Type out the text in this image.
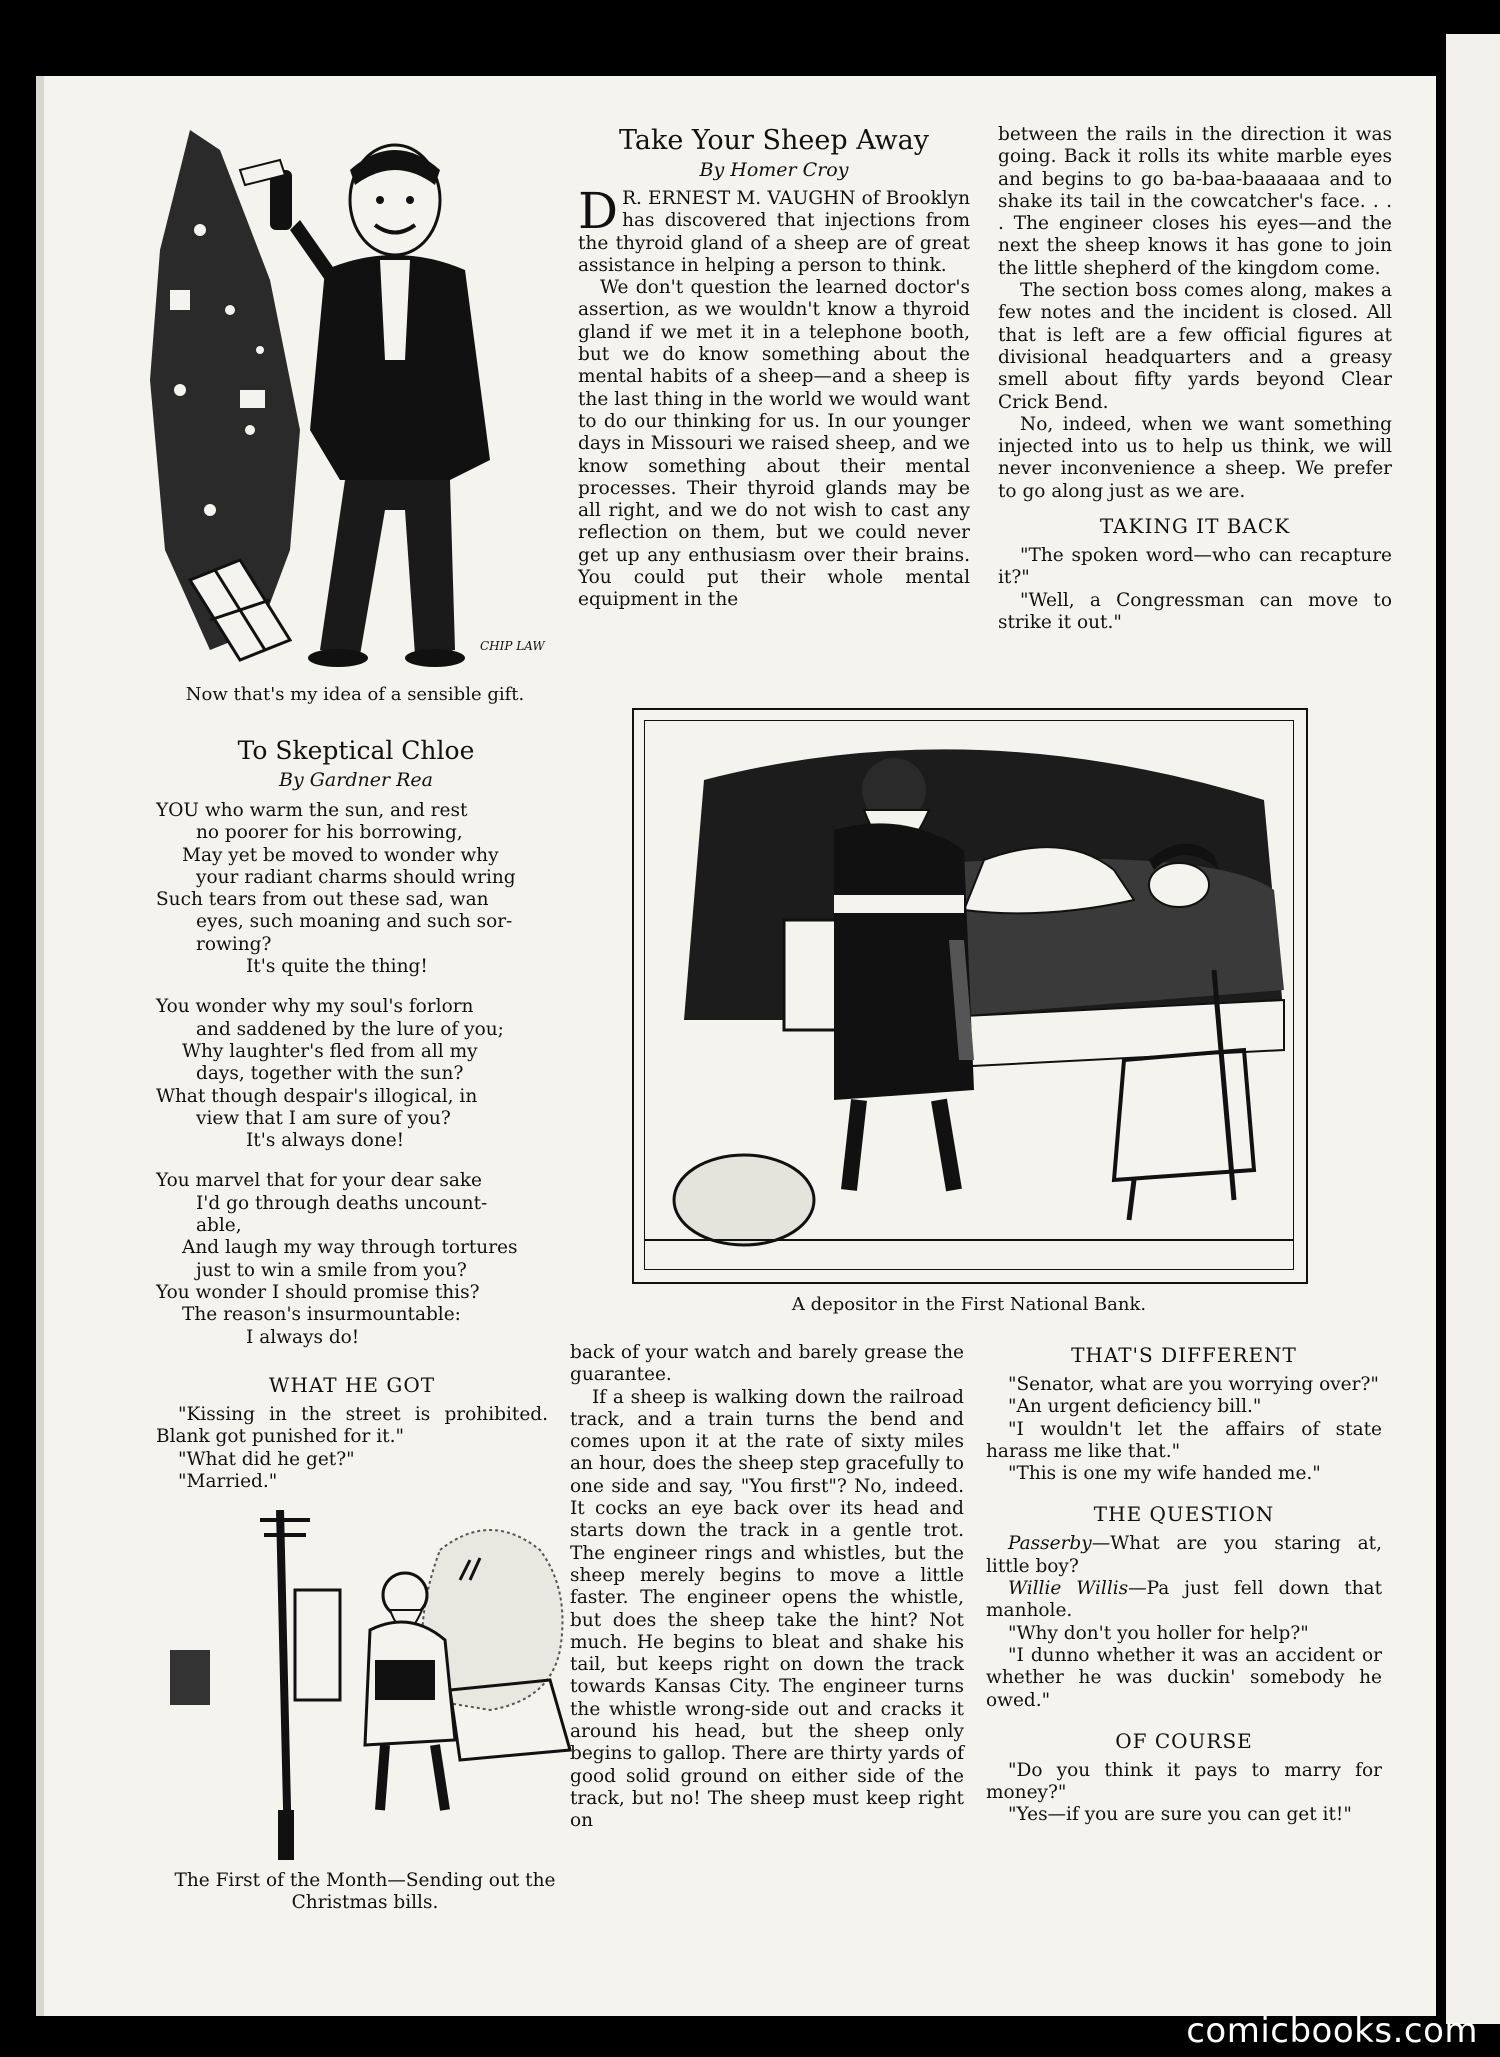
CHIP LAW
Now that's my idea of a sensible gift.
Take Your Sheep Away
By Homer Croy

D R. ERNEST M. VAUGHN of Brooklyn has discovered that injections from the thyroid gland of a sheep are of great assistance in helping a person to think.

We don't question the learned doctor's assertion, as we wouldn't know a thyroid gland if we met it in a telephone booth, but we do know something about the mental habits of a sheep—and a sheep is the last thing in the world we would want to do our thinking for us. In our younger days in Missouri we raised sheep, and we know something about their mental processes. Their thyroid glands may be all right, and we do not wish to cast any reflection on them, but we could never get up any enthusiasm over their brains. You could put their whole mental equipment in the

between the rails in the direction it was going. Back it rolls its white marble eyes and begins to go ba-baa-baaaaaa and to shake its tail in the cowcatcher's face. . . . The engineer closes his eyes—and the next the sheep knows it has gone to join the little shepherd of the kingdom come.

The section boss comes along, makes a few notes and the incident is closed. All that is left are a few official figures at divisional headquarters and a greasy smell about fifty yards beyond Clear Crick Bend.

No, indeed, when we want something injected into us to help us think, we will never inconvenience a sheep. We prefer to go along just as we are.

TAKING IT BACK

"The spoken word—who can recapture it?"

"Well, a Congressman can move to strike it out."

To Skeptical Chloe
By Gardner Rea

YOU who warm the sun, and rest

no poorer for his borrowing,

May yet be moved to wonder why

your radiant charms should wring

Such tears from out these sad, wan

eyes, such moaning and such sor-

rowing?

It's quite the thing!

You wonder why my soul's forlorn

and saddened by the lure of you;

Why laughter's fled from all my

days, together with the sun?

What though despair's illogical, in

view that I am sure of you?

It's always done!

You marvel that for your dear sake

I'd go through deaths uncount-

able,

And laugh my way through tortures

just to win a smile from you?

You wonder I should promise this?

The reason's insurmountable:

I always do!

WHAT HE GOT

"Kissing in the street is prohibited. Blank got punished for it."

"What did he get?"

"Married."

The First of the Month—Sending out the Christmas bills.
A depositor in the First National Bank.

back of your watch and barely grease the guarantee.

If a sheep is walking down the railroad track, and a train turns the bend and comes upon it at the rate of sixty miles an hour, does the sheep step gracefully to one side and say, "You first"? No, indeed. It cocks an eye back over its head and starts down the track in a gentle trot. The engineer rings and whistles, but the sheep merely begins to move a little faster. The engineer opens the whistle, but does the sheep take the hint? Not much. He begins to bleat and shake his tail, but keeps right on down the track towards Kansas City. The engineer turns the whistle wrong-side out and cracks it around his head, but the sheep only begins to gallop. There are thirty yards of good solid ground on either side of the track, but no! The sheep must keep right on

THAT'S DIFFERENT

"Senator, what are you worrying over?"

"An urgent deficiency bill."

"I wouldn't let the affairs of state harass me like that."

"This is one my wife handed me."

THE QUESTION

Passerby—What are you staring at, little boy?

Willie Willis—Pa just fell down that manhole.

"Why don't you holler for help?"

"I dunno whether it was an accident or whether he was duckin' somebody he owed."

OF COURSE

"Do you think it pays to marry for money?"

"Yes—if you are sure you can get it!"

comicbooks.com
